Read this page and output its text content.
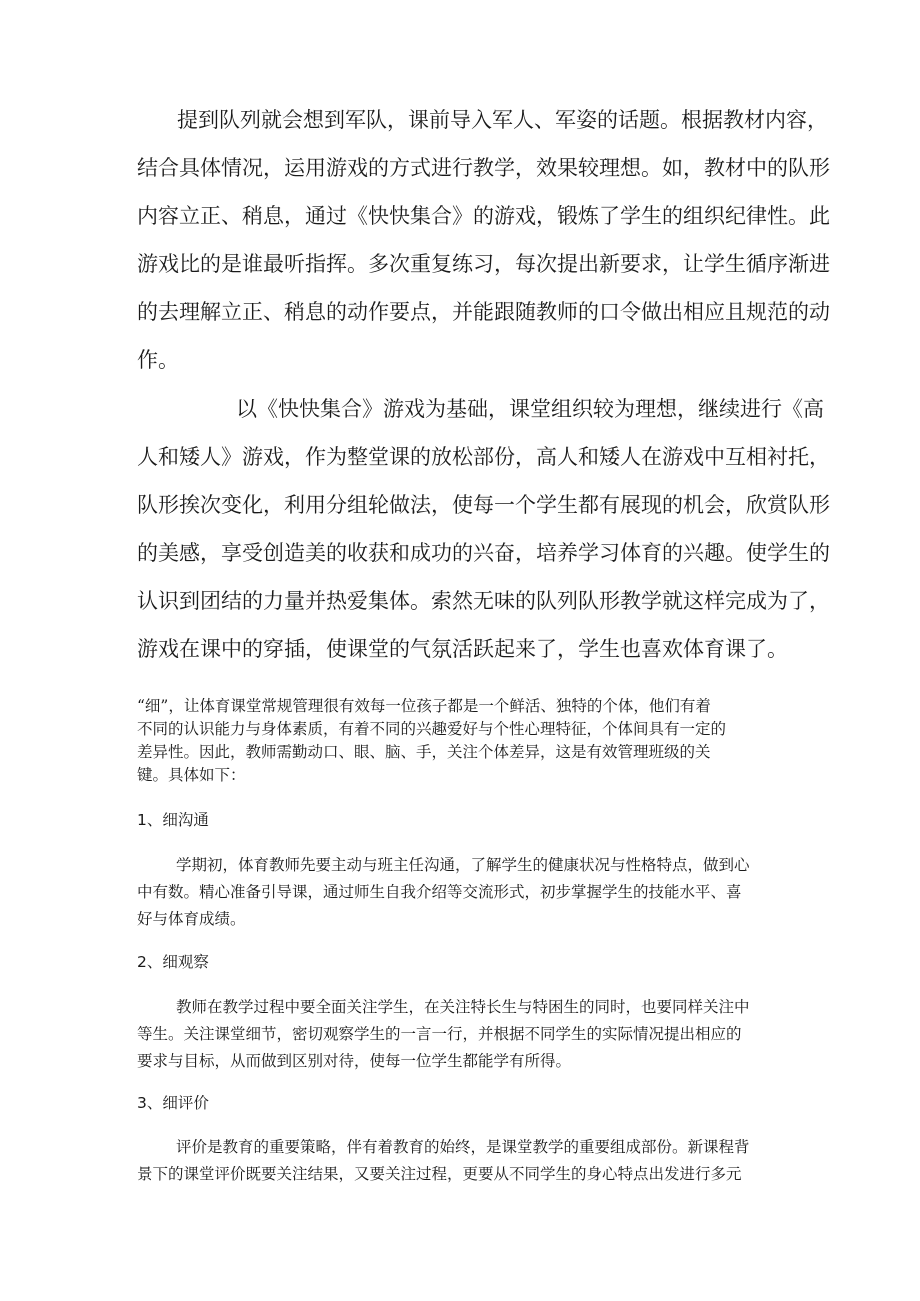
提到队列就会想到军队，课前导入军人、军姿的话题。根据教材内容，
结合具体情况，运用游戏的方式进行教学，效果较理想。如，教材中的队形
内容立正、稍息，通过《快快集合》的游戏，锻炼了学生的组织纪律性。此
游戏比的是谁最听指挥。多次重复练习，每次提出新要求，让学生循序渐进
的去理解立正、稍息的动作要点，并能跟随教师的口令做出相应且规范的动
作。
以《快快集合》游戏为基础，课堂组织较为理想，继续进行《高
人和矮人》游戏，作为整堂课的放松部份，高人和矮人在游戏中互相衬托，
队形挨次变化，利用分组轮做法，使每一个学生都有展现的机会，欣赏队形
的美感，享受创造美的收获和成功的兴奋，培养学习体育的兴趣。使学生的
认识到团结的力量并热爱集体。索然无味的队列队形教学就这样完成为了，
游戏在课中的穿插，使课堂的气氛活跃起来了，学生也喜欢体育课了。
“细”，让体育课堂常规管理很有效每一位孩子都是一个鲜活、独特的个体，他们有着
不同的认识能力与身体素质，有着不同的兴趣爱好与个性心理特征，个体间具有一定的
差异性。因此，教师需勤动口、眼、脑、手，关注个体差异，这是有效管理班级的关
键。具体如下：
1、细沟通
学期初，体育教师先要主动与班主任沟通，了解学生的健康状况与性格特点，做到心
中有数。精心准备引导课，通过师生自我介绍等交流形式，初步掌握学生的技能水平、喜
好与体育成绩。
2、细观察
教师在教学过程中要全面关注学生，在关注特长生与特困生的同时，也要同样关注中
等生。关注课堂细节，密切观察学生的一言一行，并根据不同学生的实际情况提出相应的
要求与目标，从而做到区别对待，使每一位学生都能学有所得。
3、细评价
评价是教育的重要策略，伴有着教育的始终，是课堂教学的重要组成部份。新课程背
景下的课堂评价既要关注结果，又要关注过程，更要从不同学生的身心特点出发进行多元
